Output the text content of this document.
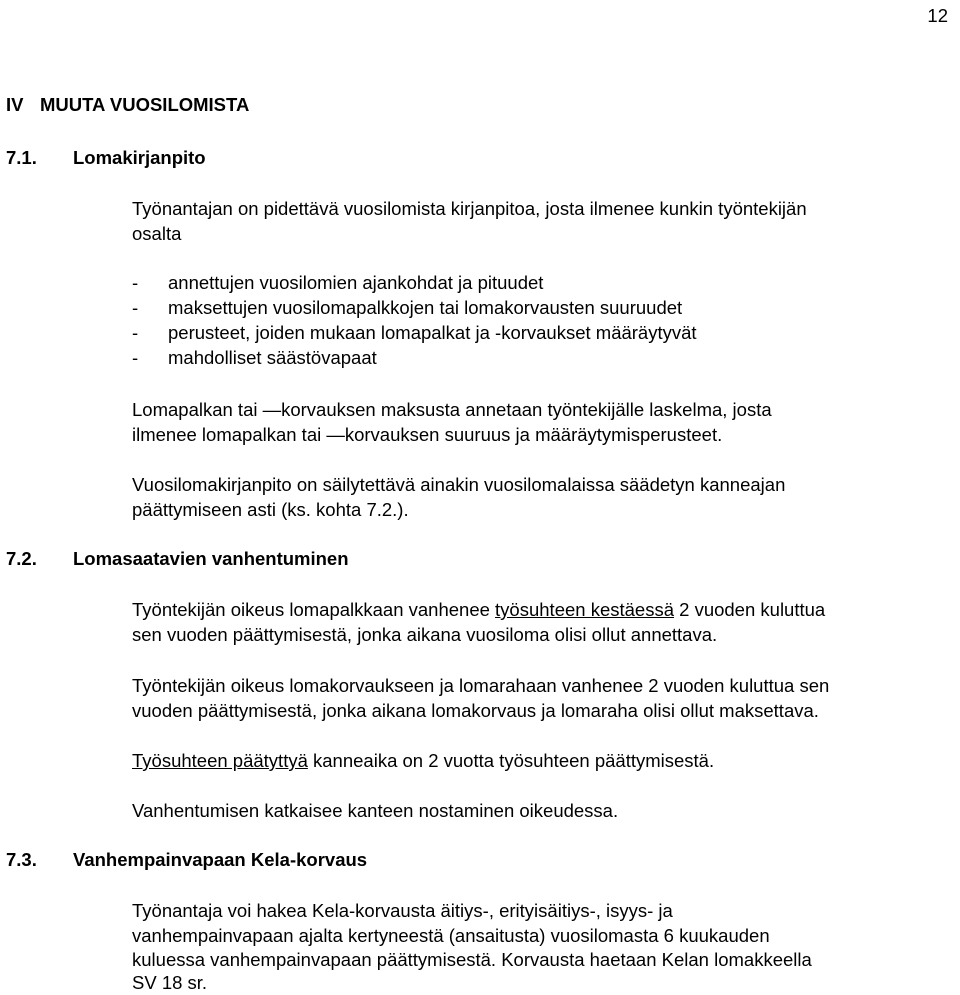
12
IV MUUTA VUOSILOMISTA
7.1. Lomakirjanpito
Työnantajan on pidettävä vuosilomista kirjanpitoa, josta ilmenee kunkin työntekijän
osalta
- annettujen vuosilomien ajankohdat ja pituudet
- maksettujen vuosilomapalkkojen tai lomakorvausten suuruudet
- perusteet, joiden mukaan lomapalkat ja -korvaukset määräytyvät
- mahdolliset säästövapaat
Lomapalkan tai —korvauksen maksusta annetaan työntekijälle laskelma, josta
ilmenee lomapalkan tai —korvauksen suuruus ja määräytymisperusteet.
Vuosilomakirjanpito on säilytettävä ainakin vuosilomalaissa säädetyn kanneajan
päättymiseen asti (ks. kohta 7.2.).
7.2. Lomasaatavien vanhentuminen
Työntekijän oikeus lomapalkkaan vanhenee työsuhteen kestäessä 2 vuoden kuluttua
sen vuoden päättymisestä, jonka aikana vuosiloma olisi ollut annettava.
Työntekijän oikeus lomakorvaukseen ja lomarahaan vanhenee 2 vuoden kuluttua sen
vuoden päättymisestä, jonka aikana lomakorvaus ja lomaraha olisi ollut maksettava.
Työsuhteen päätyttyä kanneaika on 2 vuotta työsuhteen päättymisestä.
Vanhentumisen katkaisee kanteen nostaminen oikeudessa.
7.3. Vanhempainvapaan Kela-korvaus
Työnantaja voi hakea Kela-korvausta äitiys-, erityisäitiys-, isyys- ja
vanhempainvapaan ajalta kertyneestä (ansaitusta) vuosilomasta 6 kuukauden
kuluessa vanhempainvapaan päättymisestä. Korvausta haetaan Kelan lomakkeella
SV 18 sr.
